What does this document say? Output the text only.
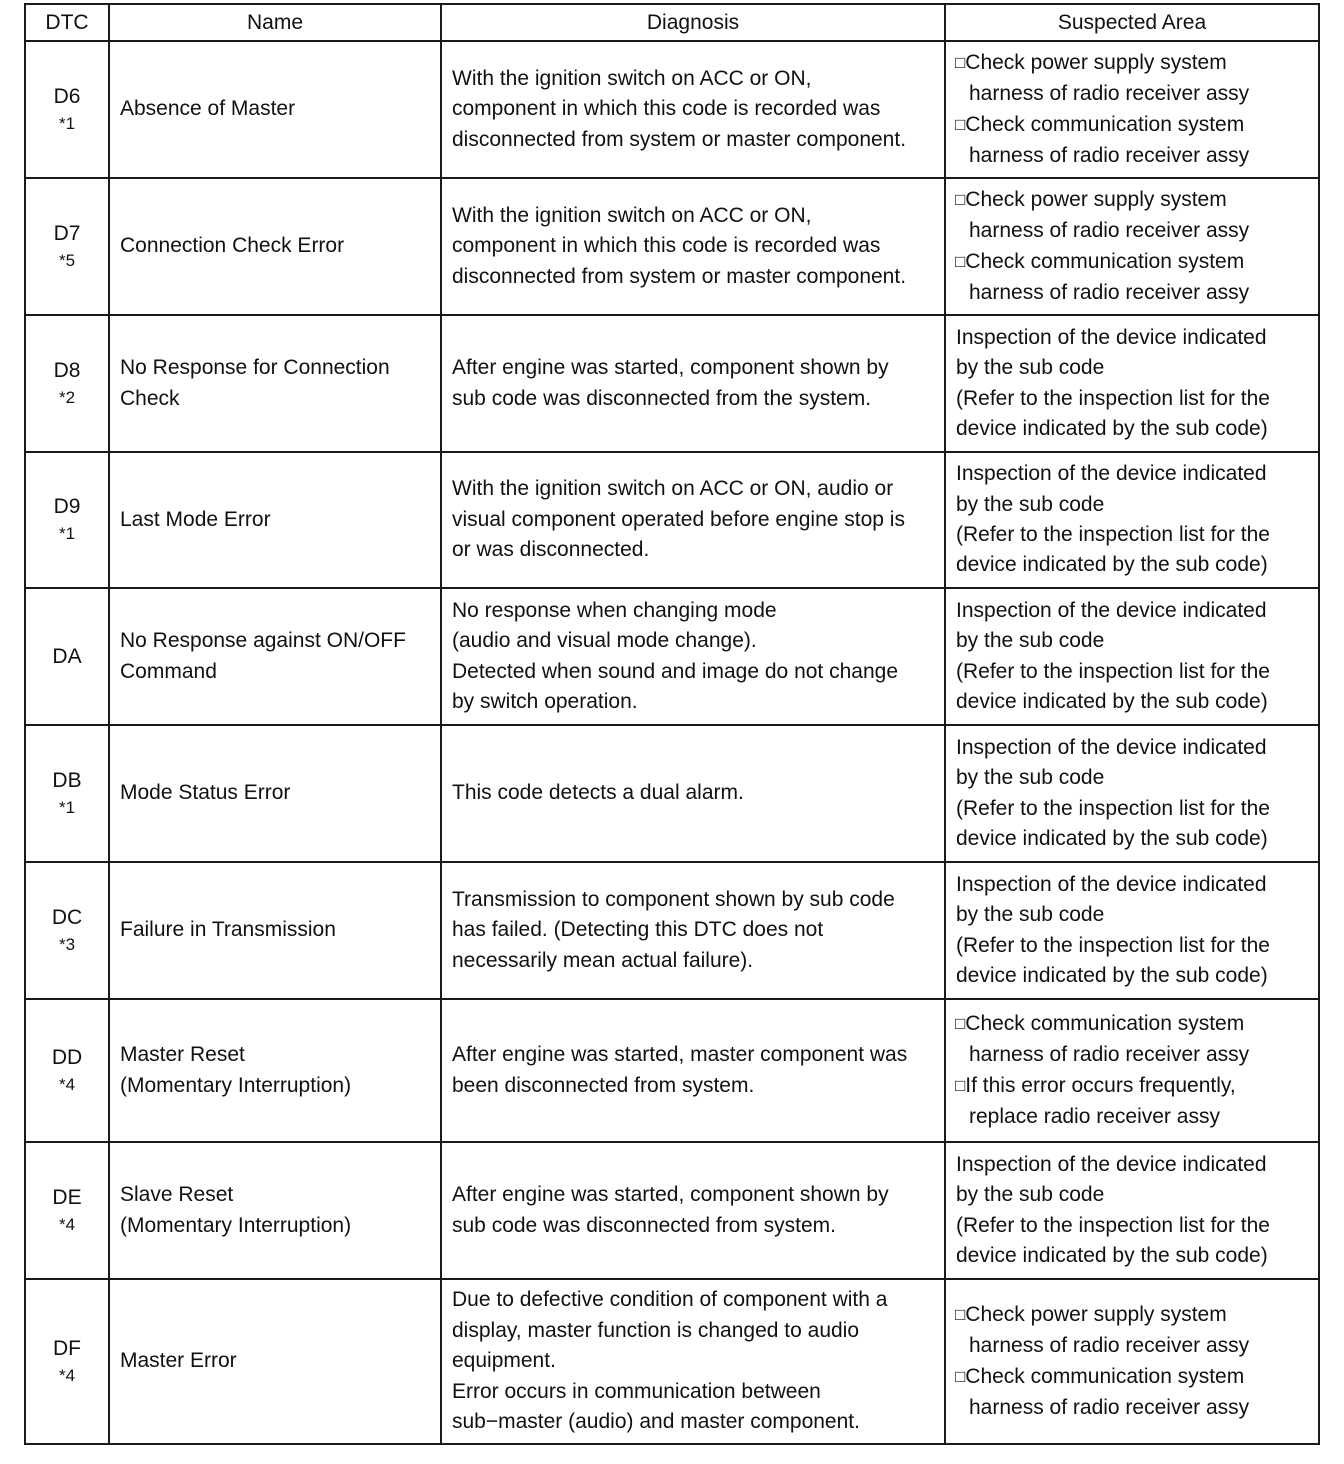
DTC	Name	Diagnosis	Suspected Area

D6
*1	Absence of Master	With the ignition switch on ACC or ON,
component in which this code is recorded was
disconnected from system or master component.	□Check power supply system
harness of radio receiver assy
□Check communication system
harness of radio receiver assy

D7
*5	Connection Check Error	With the ignition switch on ACC or ON,
component in which this code is recorded was
disconnected from system or master component.	□Check power supply system
harness of radio receiver assy
□Check communication system
harness of radio receiver assy

D8
*2	No Response for Connection
Check	After engine was started, component shown by
sub code was disconnected from the system.	Inspection of the device indicated
by the sub code
(Refer to the inspection list for the
device indicated by the sub code)

D9
*1	Last Mode Error	With the ignition switch on ACC or ON, audio or
visual component operated before engine stop is
or was disconnected.	Inspection of the device indicated
by the sub code
(Refer to the inspection list for the
device indicated by the sub code)

DA	No Response against ON/OFF
Command	No response when changing mode
(audio and visual mode change).
Detected when sound and image do not change
by switch operation.	Inspection of the device indicated
by the sub code
(Refer to the inspection list for the
device indicated by the sub code)

DB
*1	Mode Status Error	This code detects a dual alarm.	Inspection of the device indicated
by the sub code
(Refer to the inspection list for the
device indicated by the sub code)

DC
*3	Failure in Transmission	Transmission to component shown by sub code
has failed. (Detecting this DTC does not
necessarily mean actual failure).	Inspection of the device indicated
by the sub code
(Refer to the inspection list for the
device indicated by the sub code)

DD
*4	Master Reset
(Momentary Interruption)	After engine was started, master component was
been disconnected from system.	□Check communication system
harness of radio receiver assy
□If this error occurs frequently,
replace radio receiver assy

DE
*4	Slave Reset
(Momentary Interruption)	After engine was started, component shown by
sub code was disconnected from system.	Inspection of the device indicated
by the sub code
(Refer to the inspection list for the
device indicated by the sub code)

DF
*4	Master Error	Due to defective condition of component with a
display, master function is changed to audio
equipment.
Error occurs in communication between
sub−master (audio) and master component.	□Check power supply system
harness of radio receiver assy
□Check communication system
harness of radio receiver assy
